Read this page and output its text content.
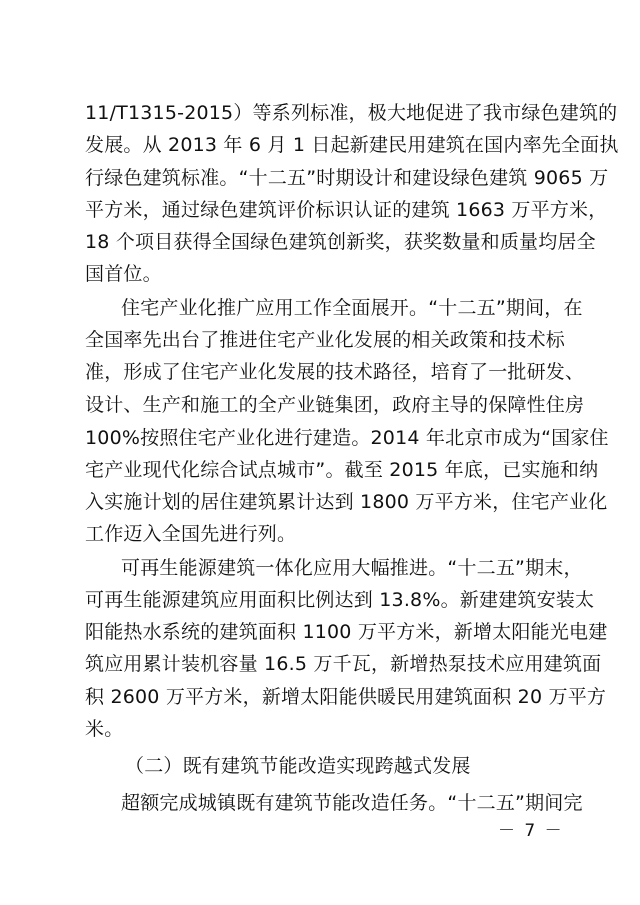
11/T1315-2015）等系列标准，极大地促进了我市绿色建筑的
发展。从 2013 年 6 月 1 日起新建民用建筑在国内率先全面执
行绿色建筑标准。“十二五”时期设计和建设绿色建筑 9065 万
平方米，通过绿色建筑评价标识认证的建筑 1663 万平方米，
18 个项目获得全国绿色建筑创新奖，获奖数量和质量均居全
国首位。
住宅产业化推广应用工作全面展开。“十二五”期间，在
全国率先出台了推进住宅产业化发展的相关政策和技术标
准，形成了住宅产业化发展的技术路径，培育了一批研发、
设计、生产和施工的全产业链集团，政府主导的保障性住房
100%按照住宅产业化进行建造。2014 年北京市成为“国家住
宅产业现代化综合试点城市”。截至 2015 年底，已实施和纳
入实施计划的居住建筑累计达到 1800 万平方米，住宅产业化
工作迈入全国先进行列。
可再生能源建筑一体化应用大幅推进。“十二五”期末，
可再生能源建筑应用面积比例达到 13.8%。新建建筑安装太
阳能热水系统的建筑面积 1100 万平方米，新增太阳能光电建
筑应用累计装机容量 16.5 万千瓦，新增热泵技术应用建筑面
积 2600 万平方米，新增太阳能供暖民用建筑面积 20 万平方
米。
（二）既有建筑节能改造实现跨越式发展
超额完成城镇既有建筑节能改造任务。“十二五”期间完
－ 7 －
